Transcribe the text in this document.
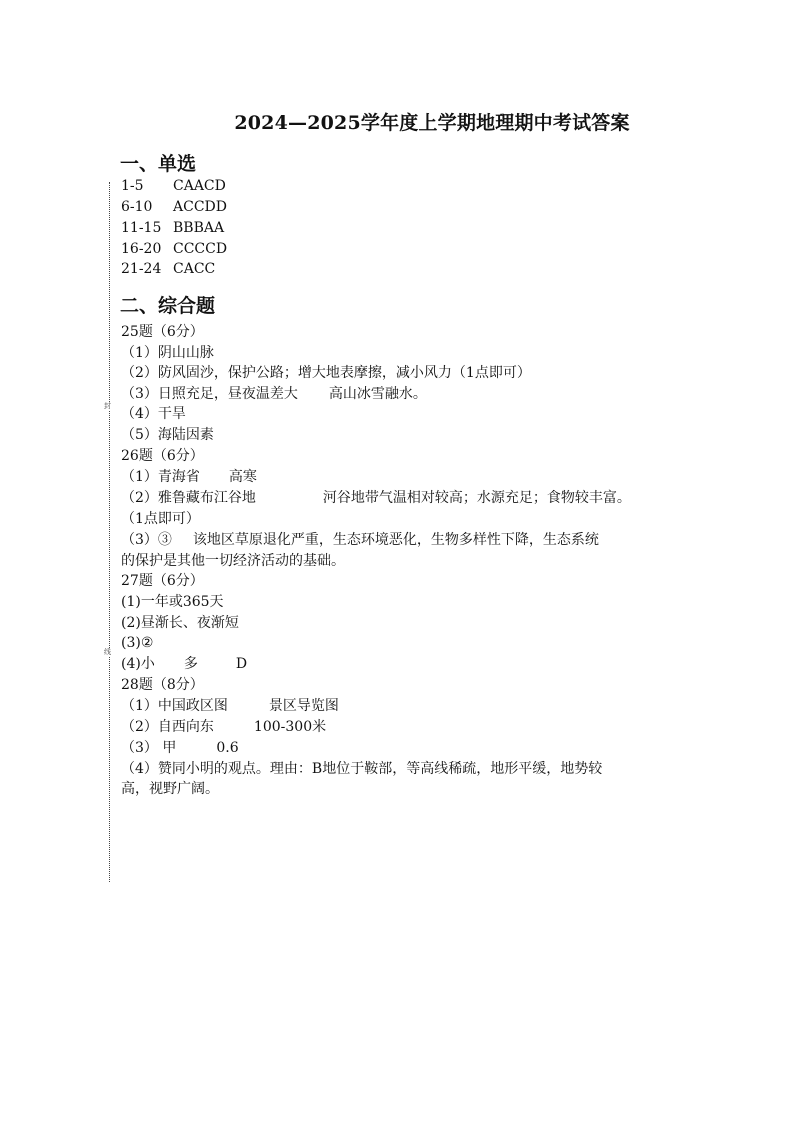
封
线
2024—2025学年度上学期地理期中考试答案
一、单选
1-5 CAACD
6-10 ACCDD
11-15 BBBAA
16-20 CCCCD
21-24 CACC
二、综合题
25题（6分）
（1）阴山山脉
（2）防风固沙，保护公路；增大地表摩擦，减小风力（1点即可）
（3）日照充足，昼夜温差大 高山冰雪融水。
（4）干旱
（5）海陆因素
26题（6分）
（1）青海省 高寒
（2）雅鲁藏布江谷地	河谷地带气温相对较高；水源充足；食物较丰富。
（1点即可）
（3）③ 该地区草原退化严重，生态环境恶化，生物多样性下降，生态系统
的保护是其他一切经济活动的基础。
27题（6分）
(1)一年或365天
(2)昼渐长、夜渐短
(3)②
(4)小 多	D
28题（8分）
（1）中国政区图	景区导览图
（2）自西向东	100-300米
（3） 甲	0.6
（4）赞同小明的观点。理由：B地位于鞍部，等高线稀疏，地形平缓，地势较
高，视野广阔。
